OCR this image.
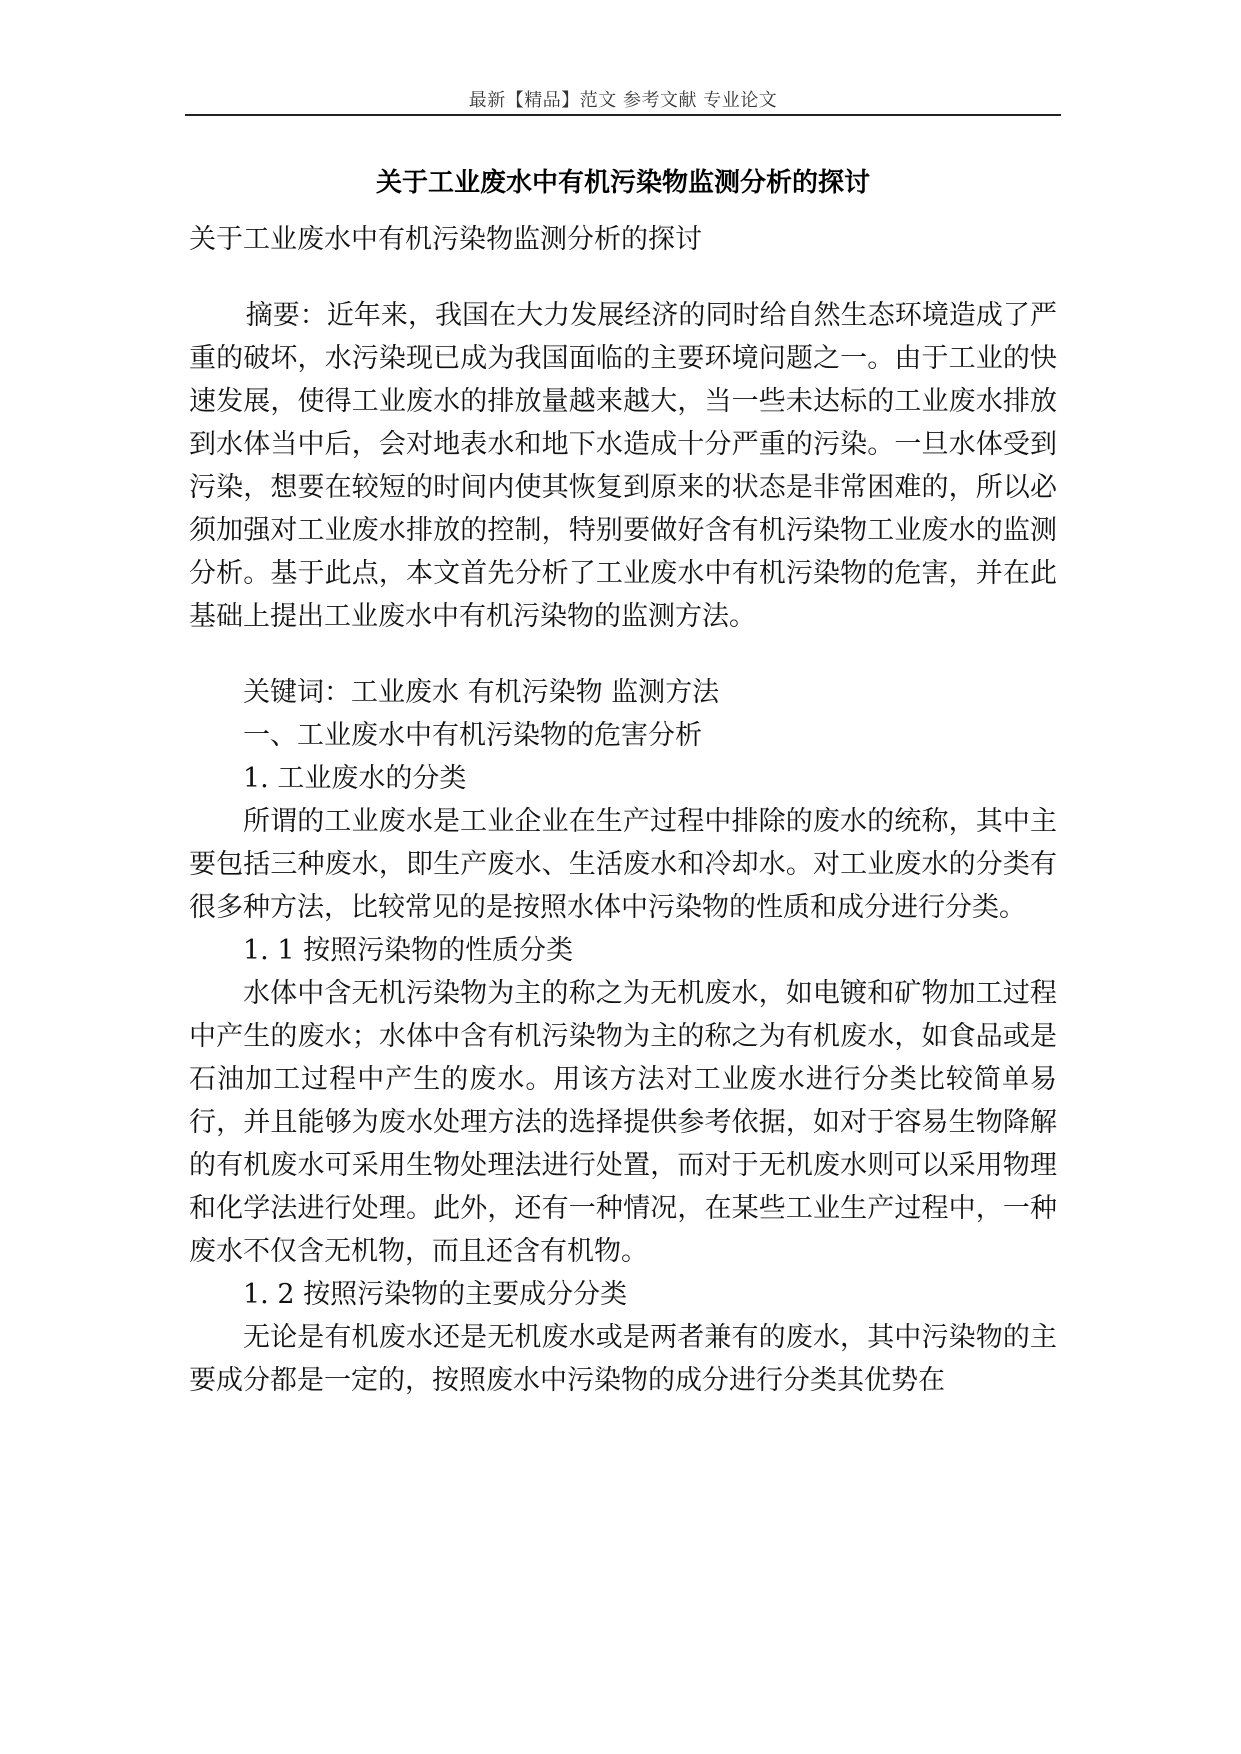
最新【精品】范文 参考文献 专业论文
关于工业废水中有机污染物监测分析的探讨

关于工业废水中有机污染物监测分析的探讨

摘要：近年来，我国在大力发展经济的同时给自然生态环境造成了严重的破坏，水污染现已成为我国面临的主要环境问题之一。由于工业的快速发展，使得工业废水的排放量越来越大，当一些未达标的工业废水排放到水体当中后，会对地表水和地下水造成十分严重的污染。一旦水体受到污染，想要在较短的时间内使其恢复到原来的状态是非常困难的，所以必须加强对工业废水排放的控制，特别要做好含有机污染物工业废水的监测分析。基于此点，本文首先分析了工业废水中有机污染物的危害，并在此基础上提出工业废水中有机污染物的监测方法。

关键词：工业废水 有机污染物 监测方法

一、工业废水中有机污染物的危害分析

1. 工业废水的分类

所谓的工业废水是工业企业在生产过程中排除的废水的统称，其中主要包括三种废水，即生产废水、生活废水和冷却水。对工业废水的分类有很多种方法，比较常见的是按照水体中污染物的性质和成分进行分类。

1. 1 按照污染物的性质分类

水体中含无机污染物为主的称之为无机废水，如电镀和矿物加工过程中产生的废水；水体中含有机污染物为主的称之为有机废水，如食品或是石油加工过程中产生的废水。用该方法对工业废水进行分类比较简单易行，并且能够为废水处理方法的选择提供参考依据，如对于容易生物降解的有机废水可采用生物处理法进行处置，而对于无机废水则可以采用物理和化学法进行处理。此外，还有一种情况，在某些工业生产过程中，一种废水不仅含无机物，而且还含有机物。

1. 2 按照污染物的主要成分分类

无论是有机废水还是无机废水或是两者兼有的废水，其中污染物的主要成分都是一定的，按照废水中污染物的成分进行分类其优势在
